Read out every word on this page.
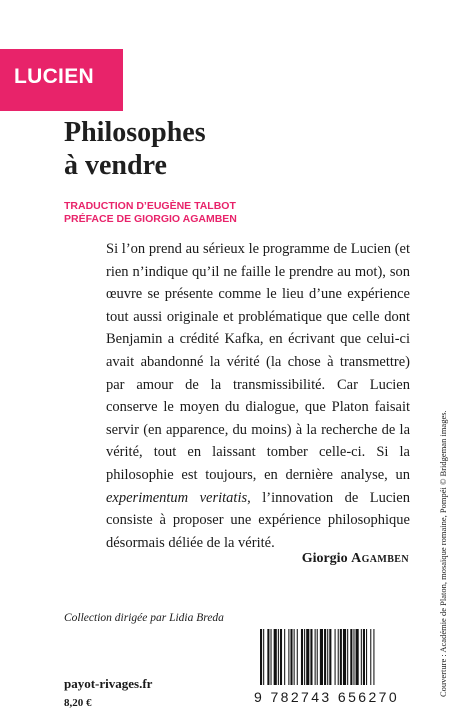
LUCIEN
Philosophes
à vendre
TRADUCTION D’EUGÈNE TALBOT
PRÉFACE DE GIORGIO AGAMBEN

Si l’on prend au sérieux le programme de Lucien (et rien n’indique qu’il ne faille le prendre au mot), son œuvre se présente comme le lieu d’une expérience tout aussi originale et problématique que celle dont Benjamin a crédité Kafka, en écrivant que celui-ci avait abandonné la vérité (la chose à transmettre) par amour de la transmissibilité. Car Lucien conserve le moyen du dialogue, que Platon faisait servir (en apparence, du moins) à la recherche de la vérité, tout en laissant tomber celle-ci. Si la philosophie est toujours, en dernière analyse, un experimentum veritatis, l’innovation de Lucien consiste à proposer une expérience philosophique désormais déliée de la vérité.

Giorgio Agamben
Collection dirigée par Lidia Breda
payot-rivages.fr
8,20 €	9 782743 656270	Couverture : Académie de Platon, mosaïque romaine, Pompéi © Bridgeman images.
